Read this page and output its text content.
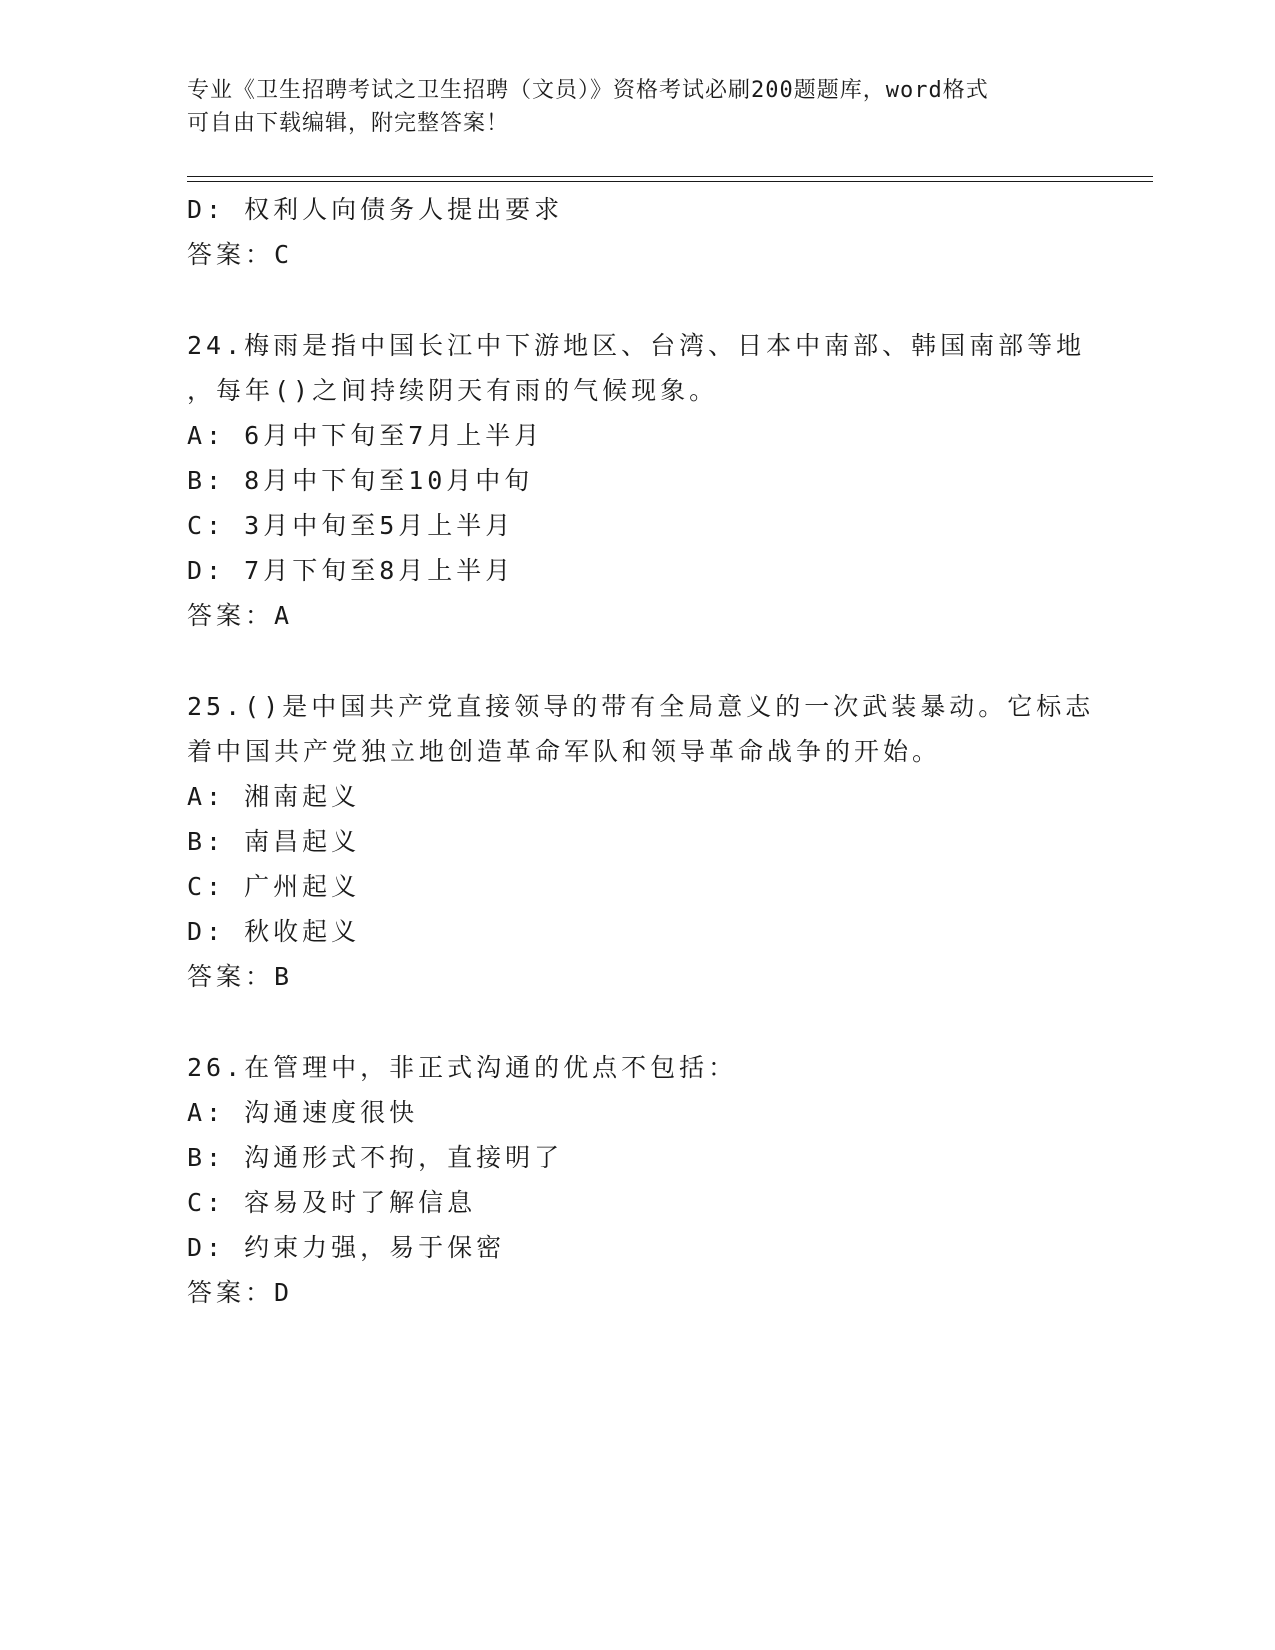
专业《卫生招聘考试之卫生招聘（文员）》资格考试必刷200题题库，word格式
可自由下载编辑，附完整答案！
D: 权利人向债务人提出要求
答案：C
24.梅雨是指中国长江中下游地区、台湾、日本中南部、韩国南部等地
，每年()之间持续阴天有雨的气候现象。
A: 6月中下旬至7月上半月
B: 8月中下旬至10月中旬
C: 3月中旬至5月上半月
D: 7月下旬至8月上半月
答案：A
25.()是中国共产党直接领导的带有全局意义的一次武装暴动。它标志
着中国共产党独立地创造革命军队和领导革命战争的开始。
A: 湘南起义
B: 南昌起义
C: 广州起义
D: 秋收起义
答案：B
26.在管理中，非正式沟通的优点不包括：
A: 沟通速度很快
B: 沟通形式不拘，直接明了
C: 容易及时了解信息
D: 约束力强，易于保密
答案：D
